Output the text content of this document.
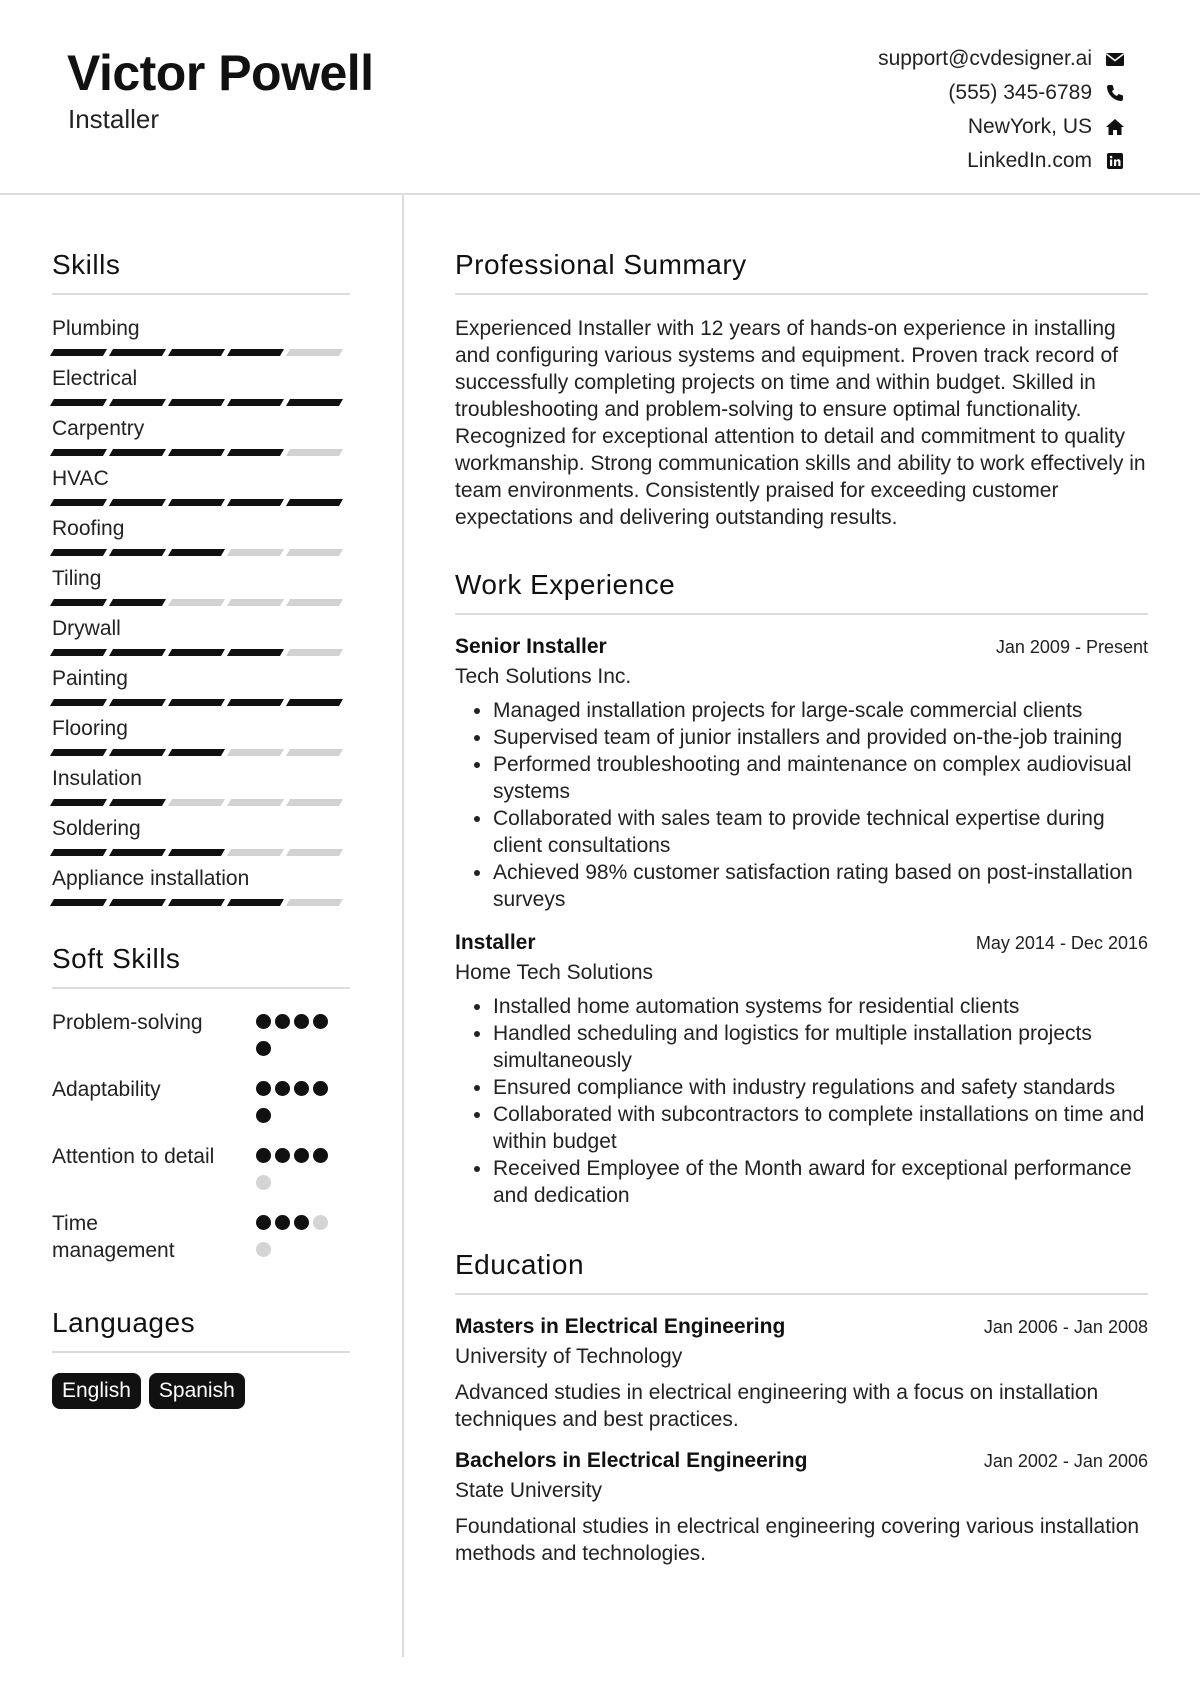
Victor Powell
Installer
support@cvdesigner.ai
(555) 345-6789
NewYork, US
LinkedIn.com
Skills
Plumbing
Electrical
Carpentry
HVAC
Roofing
Tiling
Drywall
Painting
Flooring
Insulation
Soldering
Appliance installation
Soft Skills
Problem-solving
Adaptability
Attention to detail
Time management
Languages
English	Spanish
Professional Summary

Experienced Installer with 12 years of hands-on experience in installing and configuring various systems and equipment. Proven track record of successfully completing projects on time and within budget. Skilled in troubleshooting and problem-solving to ensure optimal functionality. Recognized for exceptional attention to detail and commitment to quality workmanship. Strong communication skills and ability to work effectively in team environments. Consistently praised for exceeding customer expectations and delivering outstanding results.

Work Experience
Senior Installer	Jan 2009 - Present
Tech Solutions Inc.
• Managed installation projects for large-scale commercial clients
• Supervised team of junior installers and provided on-the-job training
• Performed troubleshooting and maintenance on complex audiovisual systems
• Collaborated with sales team to provide technical expertise during client consultations
• Achieved 98% customer satisfaction rating based on post-installation surveys
Installer	May 2014 - Dec 2016
Home Tech Solutions
• Installed home automation systems for residential clients
• Handled scheduling and logistics for multiple installation projects simultaneously
• Ensured compliance with industry regulations and safety standards
• Collaborated with subcontractors to complete installations on time and within budget
• Received Employee of the Month award for exceptional performance and dedication
Education
Masters in Electrical Engineering	Jan 2006 - Jan 2008
University of Technology

Advanced studies in electrical engineering with a focus on installation techniques and best practices.

Bachelors in Electrical Engineering	Jan 2002 - Jan 2006
State University

Foundational studies in electrical engineering covering various installation methods and technologies.
